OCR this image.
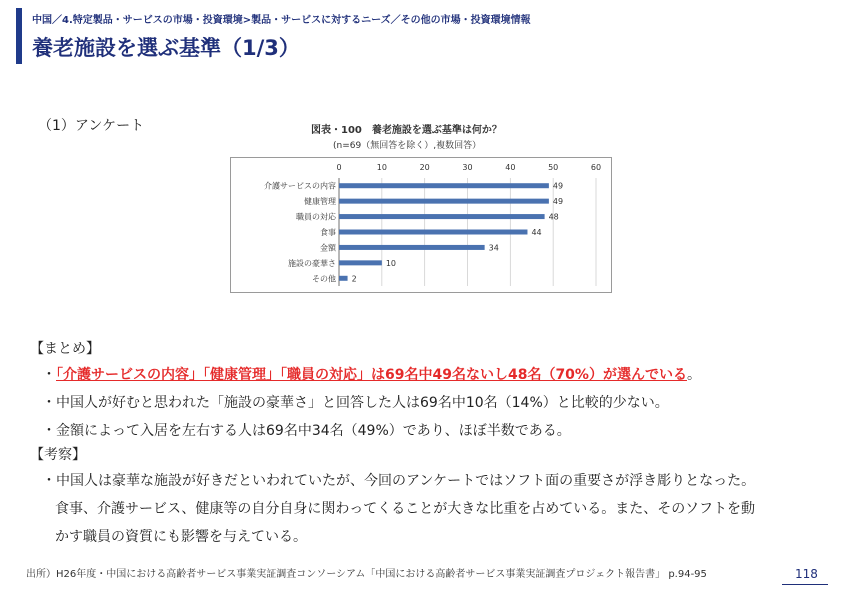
中国／4.特定製品・サービスの市場・投資環境>製品・サービスに対するニーズ／その他の市場・投資環境情報
養老施設を選ぶ基準（1/3）
（1）アンケート	図表・100　養老施設を選ぶ基準は何か？
(n=69（無回答を除く）,複数回答）
0	10	20	30	40	50	60
介護サービスの内容	49
健康管理	49
職員の対応	48
食事	44
金額	34
施設の豪華さ	10
その他 2
【まとめ】
・「介護サービスの内容」「健康管理」「職員の対応」は69名中49名ないし48名（70%）が選んでいる。
・中国人が好むと思われた「施設の豪華さ」と回答した人は69名中10名（14%）と比較的少ない。
・金額によって入居を左右する人は69名中34名（49%）であり、ほぼ半数である。
【考察】
・中国人は豪華な施設が好きだといわれていたが、今回のアンケートではソフト面の重要さが浮き彫りとなった。
食事、介護サービス、健康等の自分自身に関わってくることが大きな比重を占めている。また、そのソフトを動
かす職員の資質にも影響を与えている。
出所）H26年度・中国における高齢者サービス事業実証調査コンソーシアム「中国における高齢者サービス事業実証調査プロジェクト報告書」 p.94-95	118
